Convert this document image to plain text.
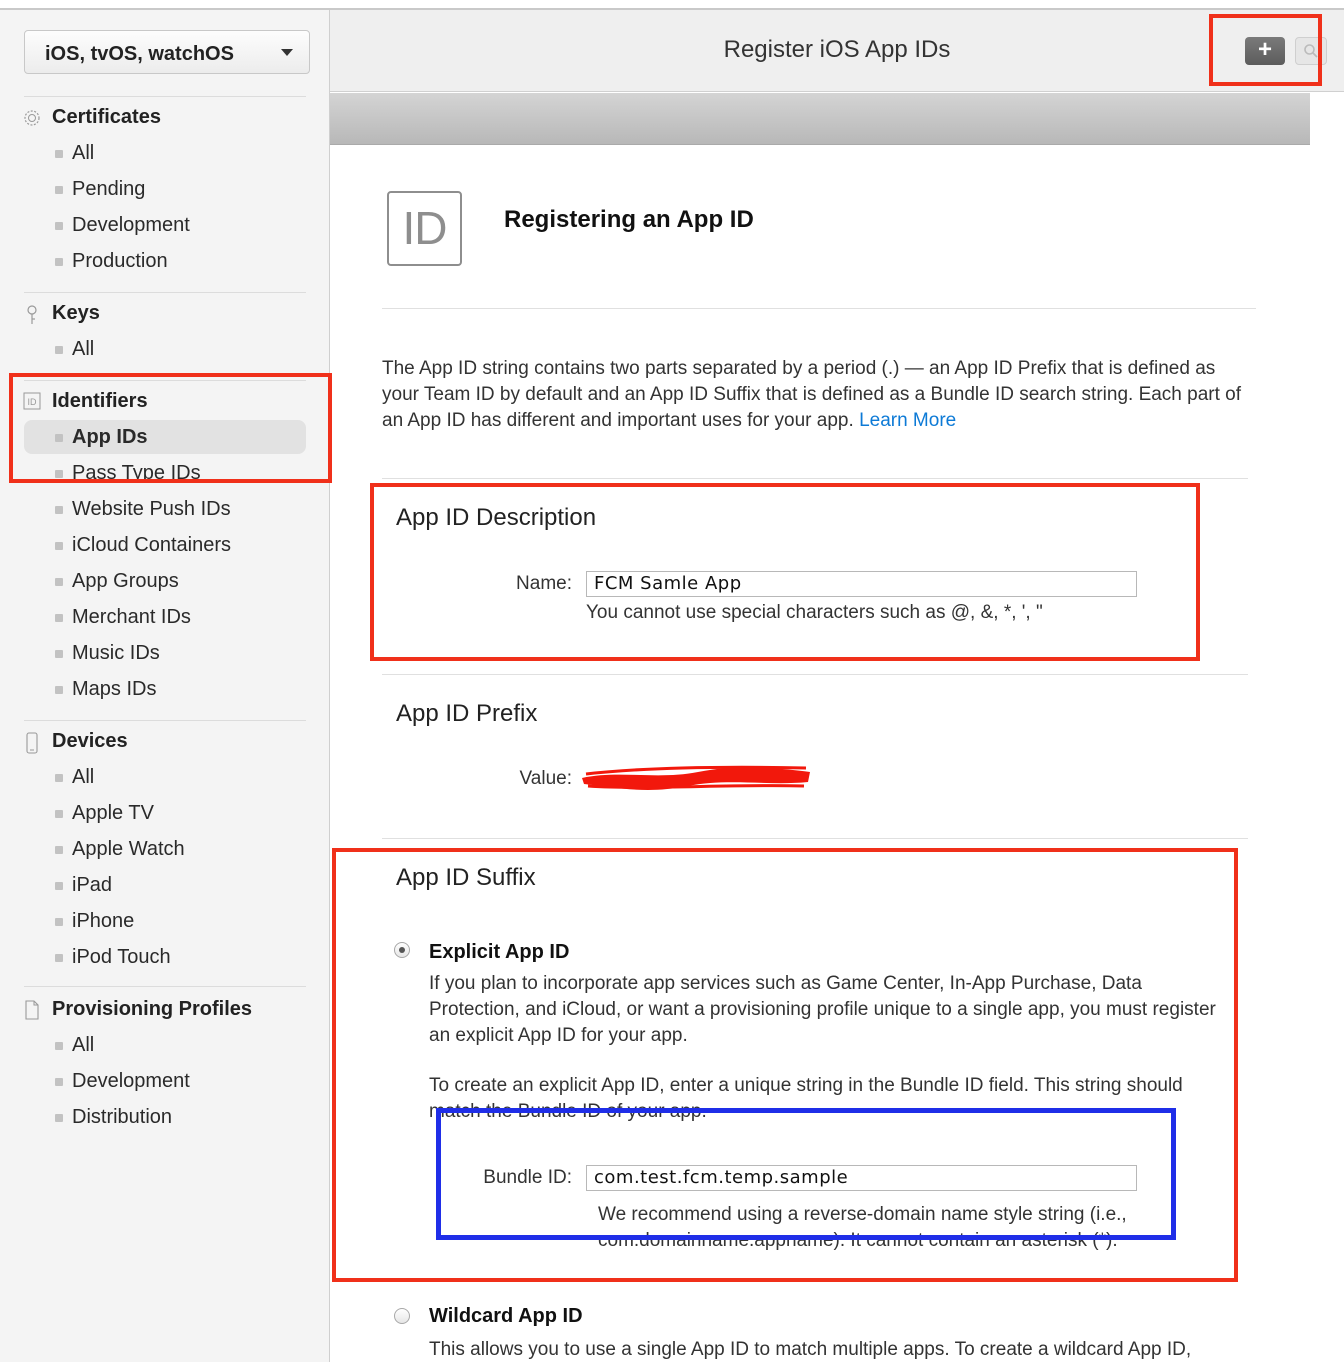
iOS, tvOS, watchOS
Certificates
All
Pending
Development
Production
Keys
All
ID Identifiers
App IDs
Pass Type IDs
Website Push IDs
iCloud Containers
App Groups
Merchant IDs
Music IDs
Maps IDs
Devices
All
Apple TV
Apple Watch
iPad
iPhone
iPod Touch
Provisioning Profiles
All
Development
Distribution
Register iOS App IDs	+
ID	Registering an App ID
The App ID string contains two parts separated by a period (.) — an App ID Prefix that is defined as your Team ID by default and an App ID Suffix that is defined as a Bundle ID search string. Each part of an App ID has different and important uses for your app. Learn More
App ID Description
Name:	FCM Samle App
You cannot use special characters such as @, &, *, ', "
App ID Prefix
Value:
App ID Suffix
Explicit App ID
If you plan to incorporate app services such as Game Center, In-App Purchase, Data Protection, and iCloud, or want a provisioning profile unique to a single app, you must register an explicit App ID for your app.
To create an explicit App ID, enter a unique string in the Bundle ID field. This string should
match the Bundle ID of your app.
Bundle ID:	com.test.fcm.temp.sample
We recommend using a reverse-domain name style string (i.e.,
com.domainname.appname). It cannot contain an asterisk (*).
Wildcard App ID
This allows you to use a single App ID to match multiple apps. To create a wildcard App ID,
